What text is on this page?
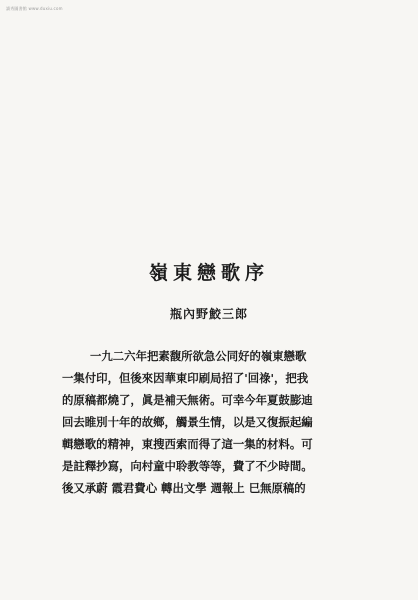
讀秀圖書館 www.duxiu.com
嶺東戀歌序
瓶內野鮫三郎
一九二六年把素馥所欲急公同好的嶺東戀歌
一集付印，但後來因華東印刷局招了'回祿'，把我
的原稿都燒了，眞是補天無術。可幸今年夏鼓膨迪
回去睢別十年的故鄉，觸景生情，以是又復振起編
輯戀歌的精神，東搜西索而得了這一集的材料。可
是註釋抄寫，向村童中聆教等等，費了不少時間。
後又承蔚 霞君費心 轉出文學 週報上 巳無原稿的
